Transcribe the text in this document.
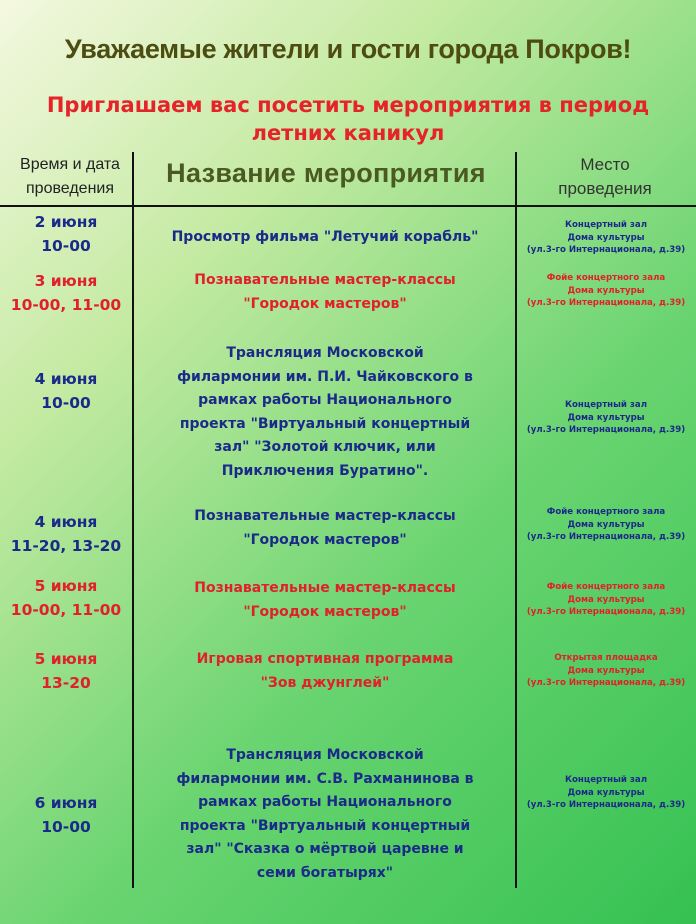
Уважаемые жители и гости города Покров!
Приглашаем вас посетить мероприятия в период
летних каникул
Время и дата
проведения
Название мероприятия	Место
проведения
2 июня
10-00	Просмотр фильма "Летучий корабль"
Концертный зал
Дома культуры
(ул.3-го Интернационала, д.39)
3 июня
10-00, 11-00
Познавательные мастер-классы
"Городок мастеров"
Фойе концертного зала
Дома культуры
(ул.3-го Интернационала, д.39)
4 июня
10-00
Трансляция Московской
филармонии им. П.И. Чайковского в
рамках работы Национального
проекта "Виртуальный концертный
зал" "Золотой ключик, или
Приключения Буратино".
Концертный зал
Дома культуры
(ул.3-го Интернационала, д.39)
4 июня
11-20, 13-20
Познавательные мастер-классы
"Городок мастеров"
Фойе концертного зала
Дома культуры
(ул.3-го Интернационала, д.39)
5 июня
10-00, 11-00
Познавательные мастер-классы
"Городок мастеров"
Фойе концертного зала
Дома культуры
(ул.3-го Интернационала, д.39)
5 июня
13-20
Игровая спортивная программа
"Зов джунглей"
Открытая площадка
Дома культуры
(ул.3-го Интернационала, д.39)
6 июня
10-00
Трансляция Московской
филармонии им. С.В. Рахманинова в
рамках работы Национального
проекта "Виртуальный концертный
зал" "Сказка о мёртвой царевне и
семи богатырях"
Концертный зал
Дома культуры
(ул.3-го Интернационала, д.39)
